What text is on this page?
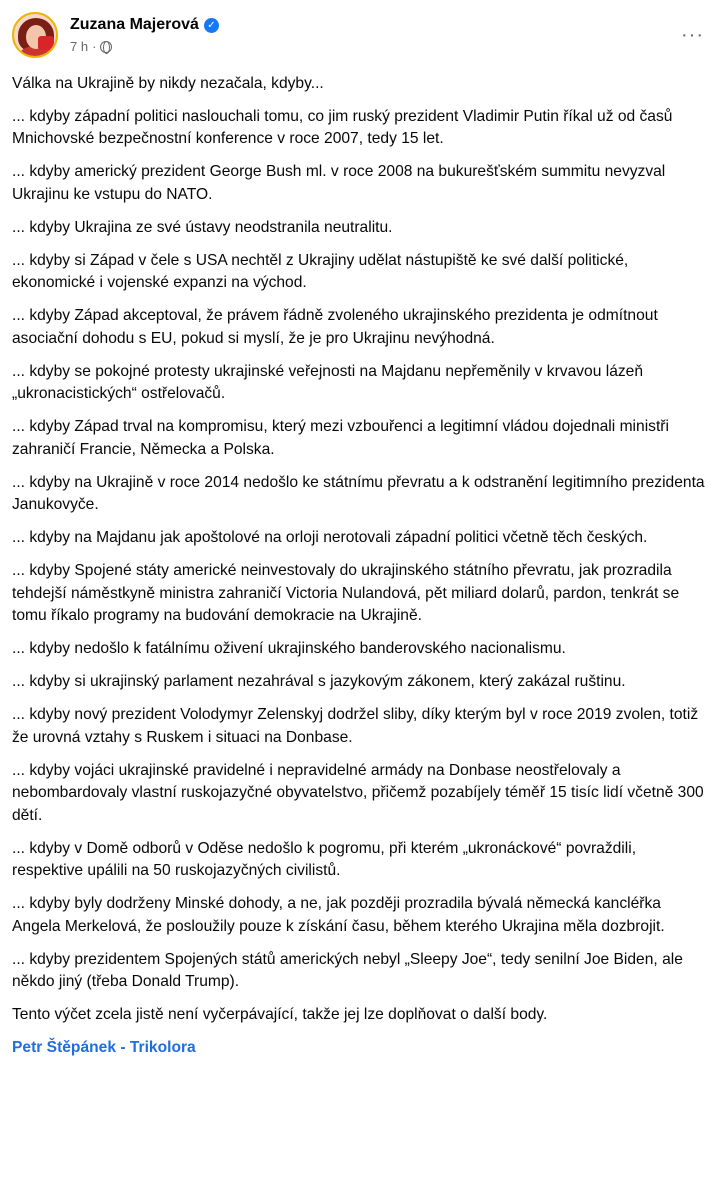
Zuzana Majerová ✓
7 h ·
···

Válka na Ukrajině by nikdy nezačala, kdyby...

... kdyby západní politici naslouchali tomu, co jim ruský prezident Vladimir Putin říkal už od časů Mnichovské bezpečnostní konference v roce 2007, tedy 15 let.

... kdyby americký prezident George Bush ml. v roce 2008 na bukurešťském summitu nevyzval Ukrajinu ke vstupu do NATO.

... kdyby Ukrajina ze své ústavy neodstranila neutralitu.

... kdyby si Západ v čele s USA nechtěl z Ukrajiny udělat nástupiště ke své další politické, ekonomické i vojenské expanzi na východ.

... kdyby Západ akceptoval, že právem řádně zvoleného ukrajinského prezidenta je odmítnout asociační dohodu s EU, pokud si myslí, že je pro Ukrajinu nevýhodná.

... kdyby se pokojné protesty ukrajinské veřejnosti na Majdanu nepřeměnily v krvavou lázeň „ukronacistických“ ostřelovačů.

... kdyby Západ trval na kompromisu, který mezi vzbouřenci a legitimní vládou dojednali ministři zahraničí Francie, Německa a Polska.

... kdyby na Ukrajině v roce 2014 nedošlo ke státnímu převratu a k odstranění legitimního prezidenta Janukovyče.

... kdyby na Majdanu jak apoštolové na orloji nerotovali západní politici včetně těch českých.

... kdyby Spojené státy americké neinvestovaly do ukrajinského státního převratu, jak prozradila tehdejší náměstkyně ministra zahraničí Victoria Nulandová, pět miliard dolarů, pardon, tenkrát se tomu říkalo programy na budování demokracie na Ukrajině.

... kdyby nedošlo k fatálnímu oživení ukrajinského banderovského nacionalismu.

... kdyby si ukrajinský parlament nezahrával s jazykovým zákonem, který zakázal ruštinu.

... kdyby nový prezident Volodymyr Zelenskyj dodržel sliby, díky kterým byl v roce 2019 zvolen, totiž že urovná vztahy s Ruskem i situaci na Donbase.

... kdyby vojáci ukrajinské pravidelné i nepravidelné armády na Donbase neostřelovaly a nebombardovaly vlastní ruskojazyčné obyvatelstvo, přičemž pozabíjely téměř 15 tisíc lidí včetně 300 dětí.

... kdyby v Domě odborů v Oděse nedošlo k pogromu, při kterém „ukronáckové“ povraždili, respektive upálili na 50 ruskojazyčných civilistů.

... kdyby byly dodrženy Minské dohody, a ne, jak později prozradila bývalá německá kancléřka Angela Merkelová, že posloužily pouze k získání času, během kterého Ukrajina měla dozbrojit.

... kdyby prezidentem Spojených států amerických nebyl „Sleepy Joe“, tedy senilní Joe Biden, ale někdo jiný (třeba Donald Trump).

Tento výčet zcela jistě není vyčerpávající, takže jej lze doplňovat o další body.

Petr Štěpánek - Trikolora
